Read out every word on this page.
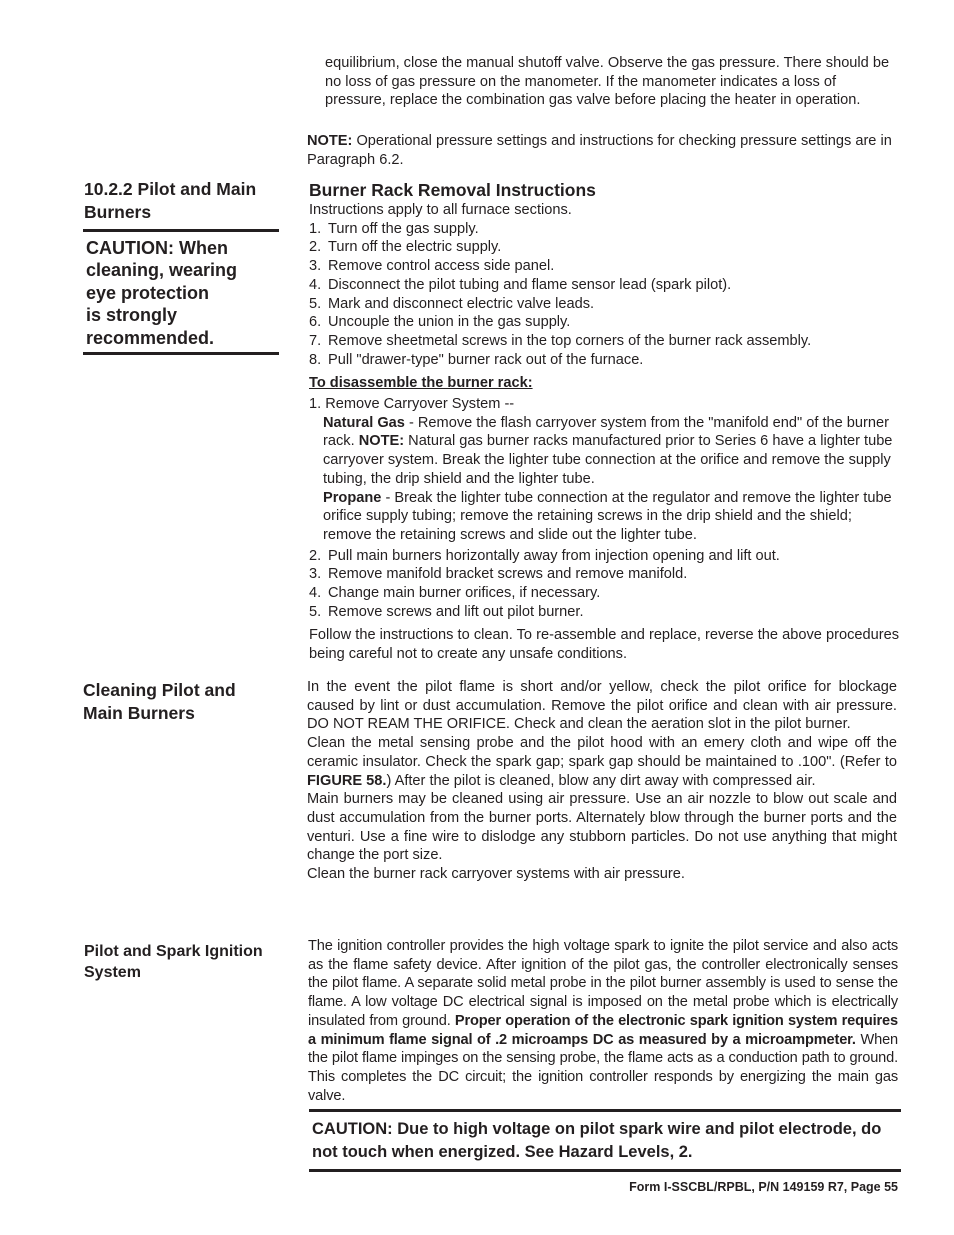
equilibrium, close the manual shutoff valve. Observe the gas pressure. There should be no loss of gas pressure on the manometer. If the manometer indicates a loss of pressure, replace the combination gas valve before placing the heater in operation.

NOTE: Operational pressure settings and instructions for checking pressure settings are in Paragraph 6.2.

10.2.2 Pilot and Main Burners

CAUTION: When
cleaning, wearing
eye protection
is strongly
recommended.

Burner Rack Removal Instructions

Instructions apply to all furnace sections.

1. Turn off the gas supply.
2. Turn off the electric supply.
3. Remove control access side panel.
4. Disconnect the pilot tubing and flame sensor lead (spark pilot).
5. Mark and disconnect electric valve leads.
6. Uncouple the union in the gas supply.
7. Remove sheetmetal screws in the top corners of the burner rack assembly.
8. Pull "drawer-type" burner rack out of the furnace.
To disassemble the burner rack:

1. Remove Carryover System --

Natural Gas - Remove the flash carryover system from the "manifold end" of the burner rack. NOTE: Natural gas burner racks manufactured prior to Series 6 have a lighter tube carryover system. Break the lighter tube connection at the orifice and remove the supply tubing, the drip shield and the lighter tube.

Propane - Break the lighter tube connection at the regulator and remove the lighter tube orifice supply tubing; remove the retaining screws in the drip shield and the shield; remove the retaining screws and slide out the lighter tube.

2. Pull main burners horizontally away from injection opening and lift out.
3. Remove manifold bracket screws and remove manifold.
4. Change main burner orifices, if necessary.
5. Remove screws and lift out pilot burner.

Follow the instructions to clean. To re-assemble and replace, reverse the above procedures being careful not to create any unsafe conditions.

Cleaning Pilot and Main Burners

In the event the pilot flame is short and/or yellow, check the pilot orifice for blockage caused by lint or dust accumulation. Remove the pilot orifice and clean with air pressure. DO NOT REAM THE ORIFICE. Check and clean the aeration slot in the pilot burner.

Clean the metal sensing probe and the pilot hood with an emery cloth and wipe off the ceramic insulator. Check the spark gap; spark gap should be maintained to .100". (Refer to FIGURE 58.) After the pilot is cleaned, blow any dirt away with compressed air.

Main burners may be cleaned using air pressure. Use an air nozzle to blow out scale and dust accumulation from the burner ports. Alternately blow through the burner ports and the venturi. Use a fine wire to dislodge any stubborn particles. Do not use anything that might change the port size.

Clean the burner rack carryover systems with air pressure.

Pilot and Spark Ignition System

The ignition controller provides the high voltage spark to ignite the pilot service and also acts as the flame safety device. After ignition of the pilot gas, the controller electronically senses the pilot flame. A separate solid metal probe in the pilot burner assembly is used to sense the flame. A low voltage DC electrical signal is imposed on the metal probe which is electrically insulated from ground. Proper operation of the electronic spark ignition system requires a minimum flame signal of .2 microamps DC as measured by a microampmeter. When the pilot flame impinges on the sensing probe, the flame acts as a conduction path to ground. This completes the DC circuit; the ignition controller responds by energizing the main gas valve.

CAUTION: Due to high voltage on pilot spark wire and pilot electrode, do not touch when energized. See Hazard Levels, 2.
Form I-SSCBL/RPBL, P/N 149159 R7, Page 55
